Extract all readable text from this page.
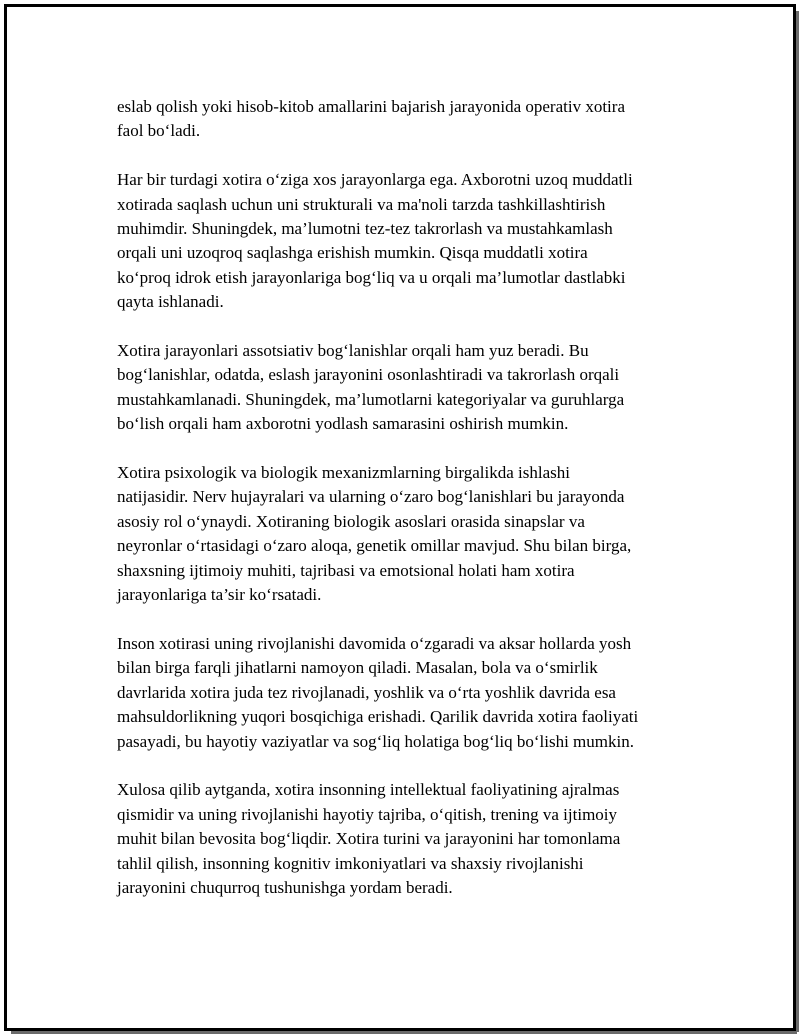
eslab qolish yoki hisob-kitob amallarini bajarish jarayonida operativ xotira
faol bo‘ladi.

Har bir turdagi xotira o‘ziga xos jarayonlarga ega. Axborotni uzoq muddatli
xotirada saqlash uchun uni strukturali va ma'noli tarzda tashkillashtirish
muhimdir. Shuningdek, ma’lumotni tez-tez takrorlash va mustahkamlash
orqali uni uzoqroq saqlashga erishish mumkin. Qisqa muddatli xotira
ko‘proq idrok etish jarayonlariga bog‘liq va u orqali ma’lumotlar dastlabki
qayta ishlanadi.

Xotira jarayonlari assotsiativ bog‘lanishlar orqali ham yuz beradi. Bu
bog‘lanishlar, odatda, eslash jarayonini osonlashtiradi va takrorlash orqali
mustahkamlanadi. Shuningdek, ma’lumotlarni kategoriyalar va guruhlarga
bo‘lish orqali ham axborotni yodlash samarasini oshirish mumkin.

Xotira psixologik va biologik mexanizmlarning birgalikda ishlashi
natijasidir. Nerv hujayralari va ularning o‘zaro bog‘lanishlari bu jarayonda
asosiy rol o‘ynaydi. Xotiraning biologik asoslari orasida sinapslar va
neyronlar o‘rtasidagi o‘zaro aloqa, genetik omillar mavjud. Shu bilan birga,
shaxsning ijtimoiy muhiti, tajribasi va emotsional holati ham xotira
jarayonlariga ta’sir ko‘rsatadi.

Inson xotirasi uning rivojlanishi davomida o‘zgaradi va aksar hollarda yosh
bilan birga farqli jihatlarni namoyon qiladi. Masalan, bola va o‘smirlik
davrlarida xotira juda tez rivojlanadi, yoshlik va o‘rta yoshlik davrida esa
mahsuldorlikning yuqori bosqichiga erishadi. Qarilik davrida xotira faoliyati
pasayadi, bu hayotiy vaziyatlar va sog‘liq holatiga bog‘liq bo‘lishi mumkin.

Xulosa qilib aytganda, xotira insonning intellektual faoliyatining ajralmas
qismidir va uning rivojlanishi hayotiy tajriba, o‘qitish, trening va ijtimoiy
muhit bilan bevosita bog‘liqdir. Xotira turini va jarayonini har tomonlama
tahlil qilish, insonning kognitiv imkoniyatlari va shaxsiy rivojlanishi
jarayonini chuqurroq tushunishga yordam beradi.
